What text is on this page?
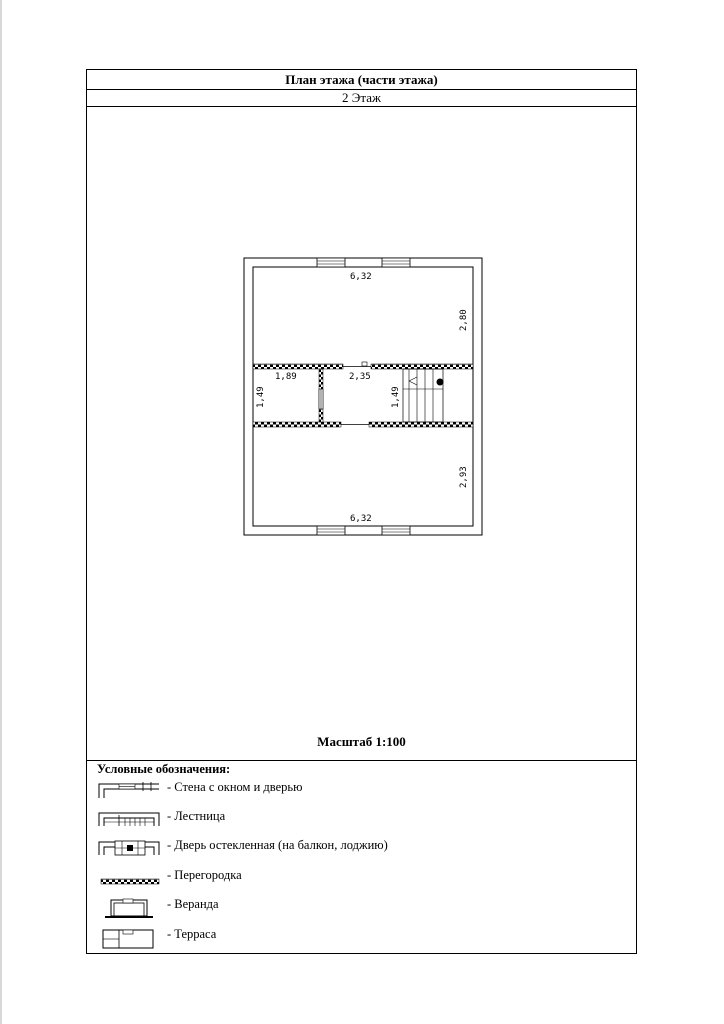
План этажа (части этажа)
2 Этаж
6,32
6,32
1,89	2,35
2,80
2,93
1,49	1,49
Масштаб 1:100
Условные обозначения:
- Стена с окном и дверью
- Лестница
- Дверь остекленная (на балкон, лоджию)
- Перегородка
- Веранда
- Терраса
